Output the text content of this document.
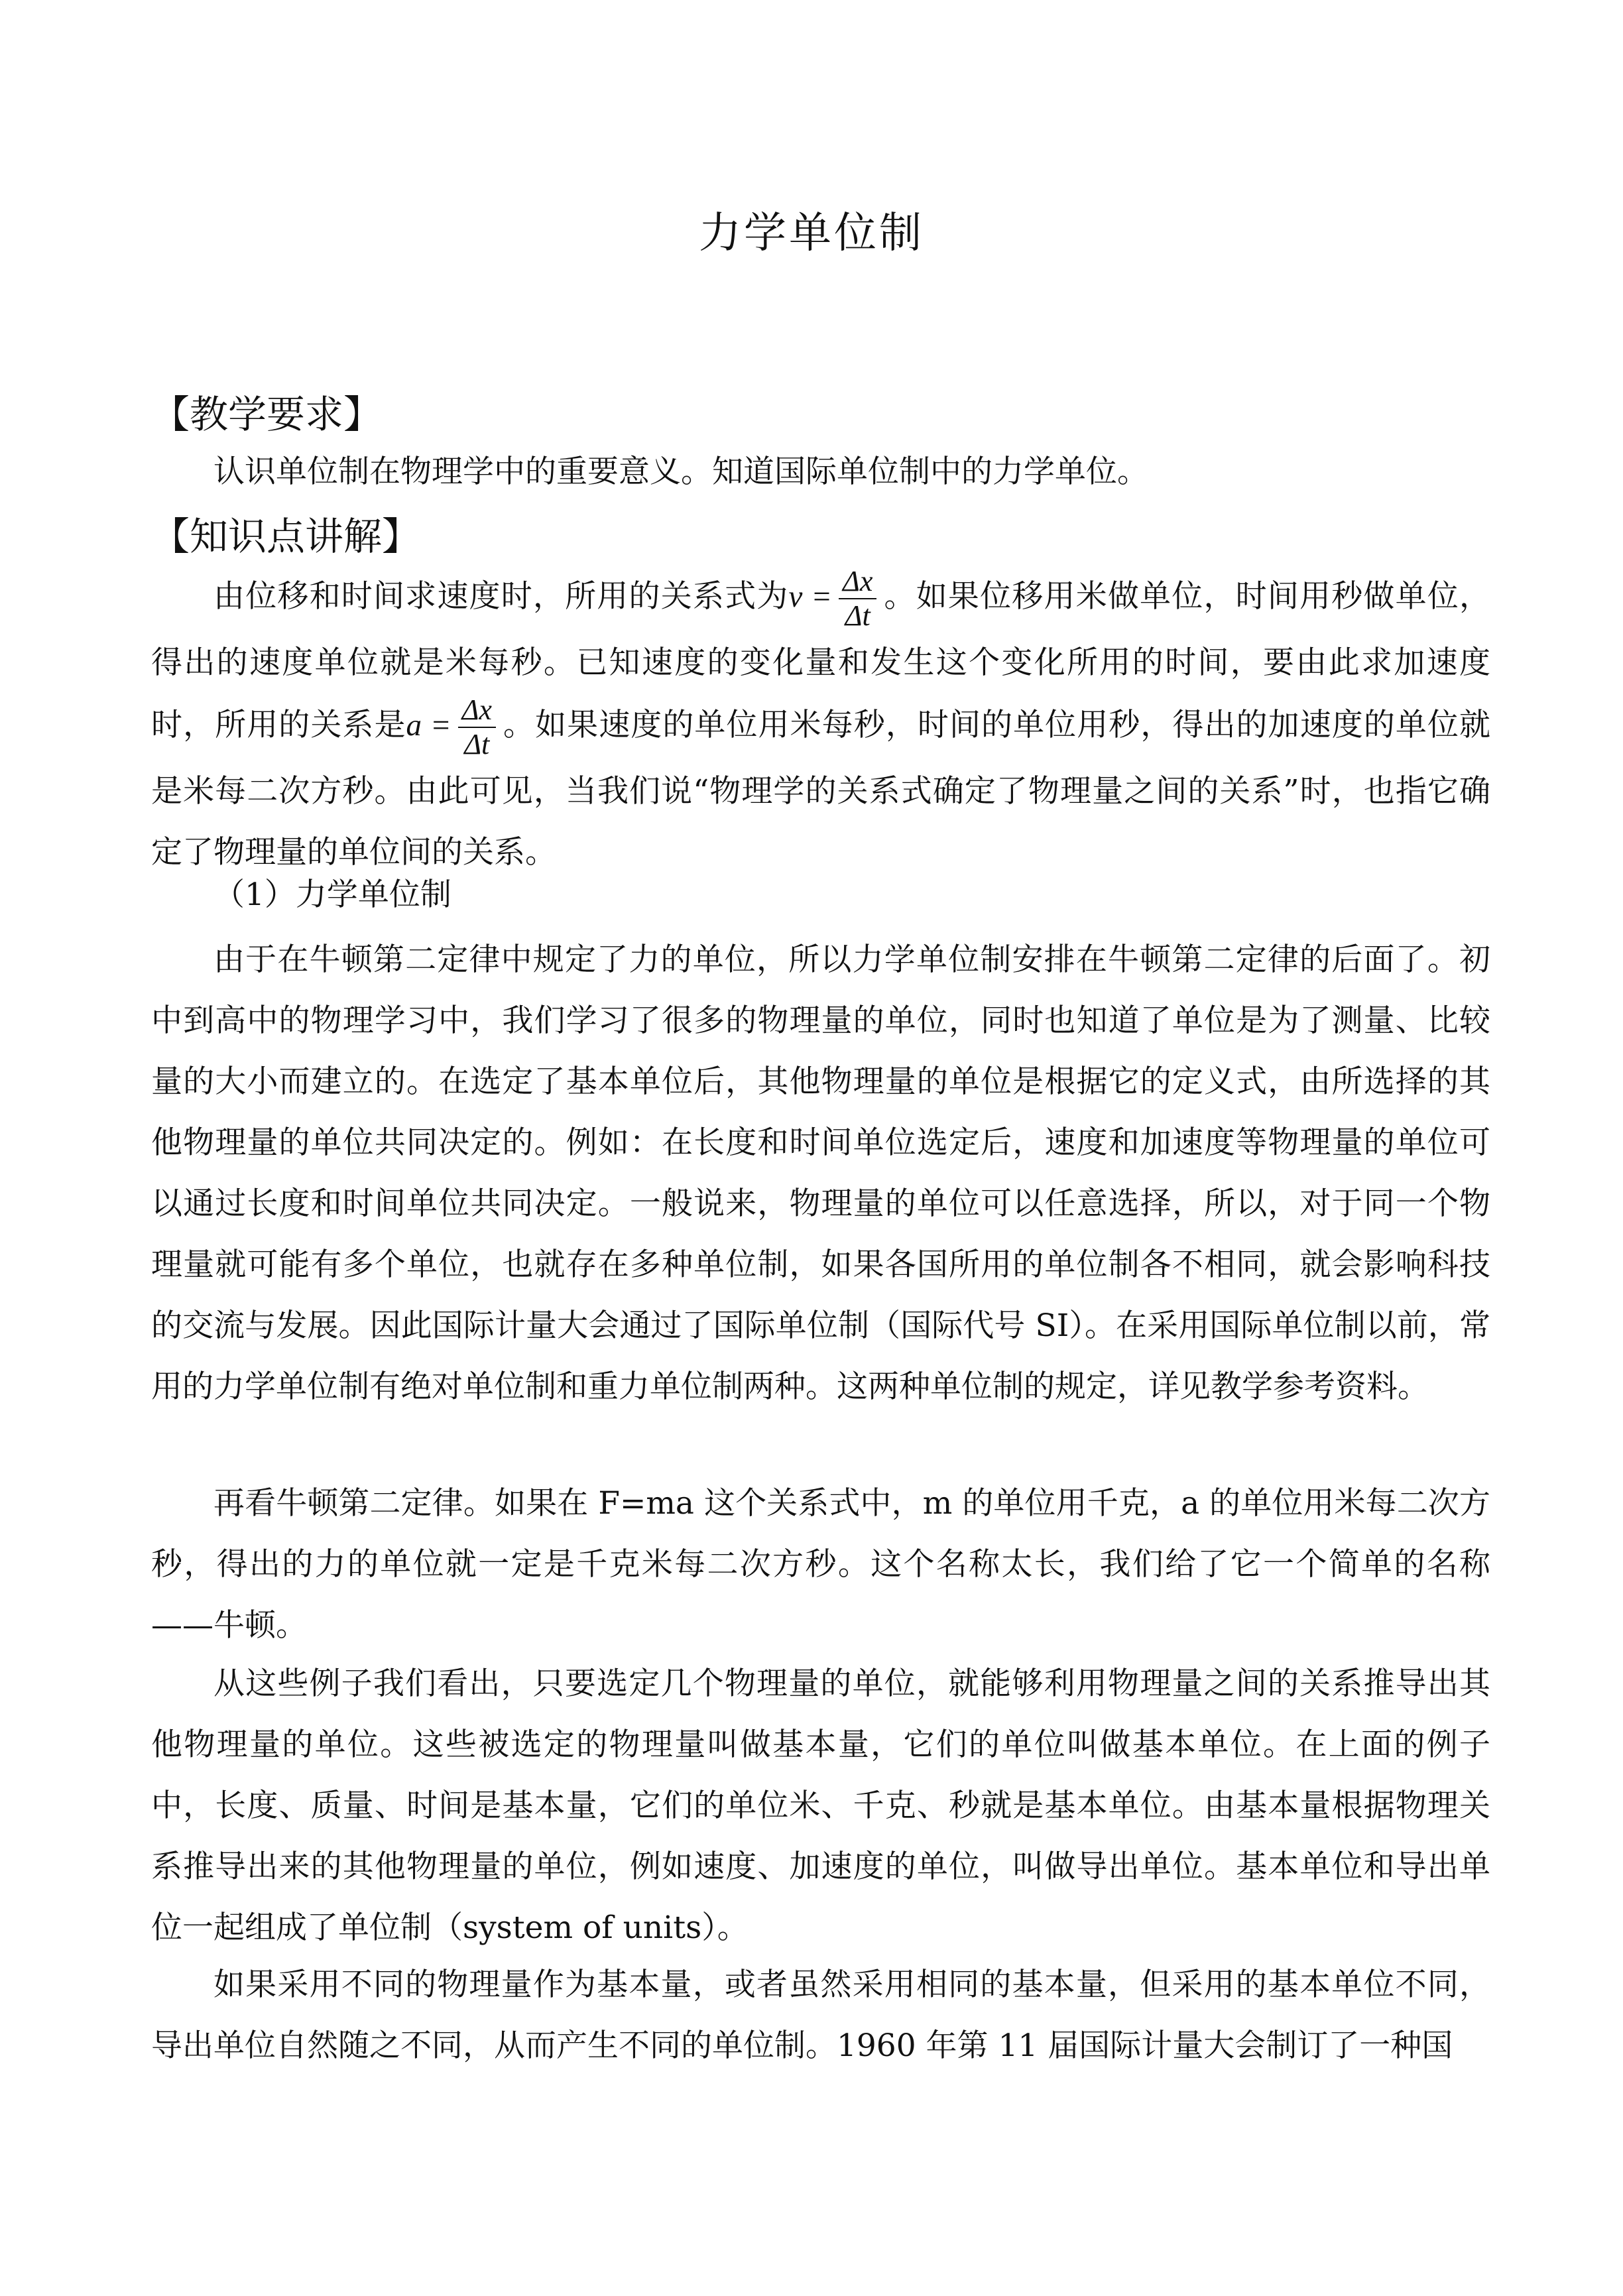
力学单位制
【教学要求】
认识单位制在物理学中的重要意义。知道国际单位制中的力学单位。
【知识点讲解】
由位移和时间求速度时，所用的关系式为$v = \frac{\Delta x}{\Delta t}$ 。如果位移用米做单位，时间用秒做单位，得出的速度单位就是米每秒。已知速度的变化量和发生这个变化所用的时间，要由此求加速度时，所用的关系是$a = \frac{\Delta x}{\Delta t}$ 。如果速度的单位用米每秒，时间的单位用秒，得出的加速度的单位就是米每二次方秒。由此可见，当我们说“物理学的关系式确定了物理量之间的关系”时，也指它确定了物理量的单位间的关系。
（1）力学单位制
由于在牛顿第二定律中规定了力的单位，所以力学单位制安排在牛顿第二定律的后面了。初中到高中的物理学习中，我们学习了很多的物理量的单位，同时也知道了单位是为了测量、比较量的大小而建立的。在选定了基本单位后，其他物理量的单位是根据它的定义式，由所选择的其他物理量的单位共同决定的。例如：在长度和时间单位选定后，速度和加速度等物理量的单位可以通过长度和时间单位共同决定。一般说来，物理量的单位可以任意选择，所以，对于同一个物理量就可能有多个单位，也就存在多种单位制，如果各国所用的单位制各不相同，就会影响科技的交流与发展。因此国际计量大会通过了国际单位制（国际代号 SI）。在采用国际单位制以前，常用的力学单位制有绝对单位制和重力单位制两种。这两种单位制的规定，详见教学参考资料。
再看牛顿第二定律。如果在 F=ma 这个关系式中，m 的单位用千克，a 的单位用米每二次方秒，得出的力的单位就一定是千克米每二次方秒。这个名称太长，我们给了它一个简单的名称——牛顿。
从这些例子我们看出，只要选定几个物理量的单位，就能够利用物理量之间的关系推导出其他物理量的单位。这些被选定的物理量叫做基本量，它们的单位叫做基本单位。在上面的例子中，长度、质量、时间是基本量，它们的单位米、千克、秒就是基本单位。由基本量根据物理关系推导出来的其他物理量的单位，例如速度、加速度的单位，叫做导出单位。基本单位和导出单位一起组成了单位制（system of units）。
如果采用不同的物理量作为基本量，或者虽然采用相同的基本量，但采用的基本单位不同，导出单位自然随之不同，从而产生不同的单位制。1960 年第 11 届国际计量大会制订了一种国
